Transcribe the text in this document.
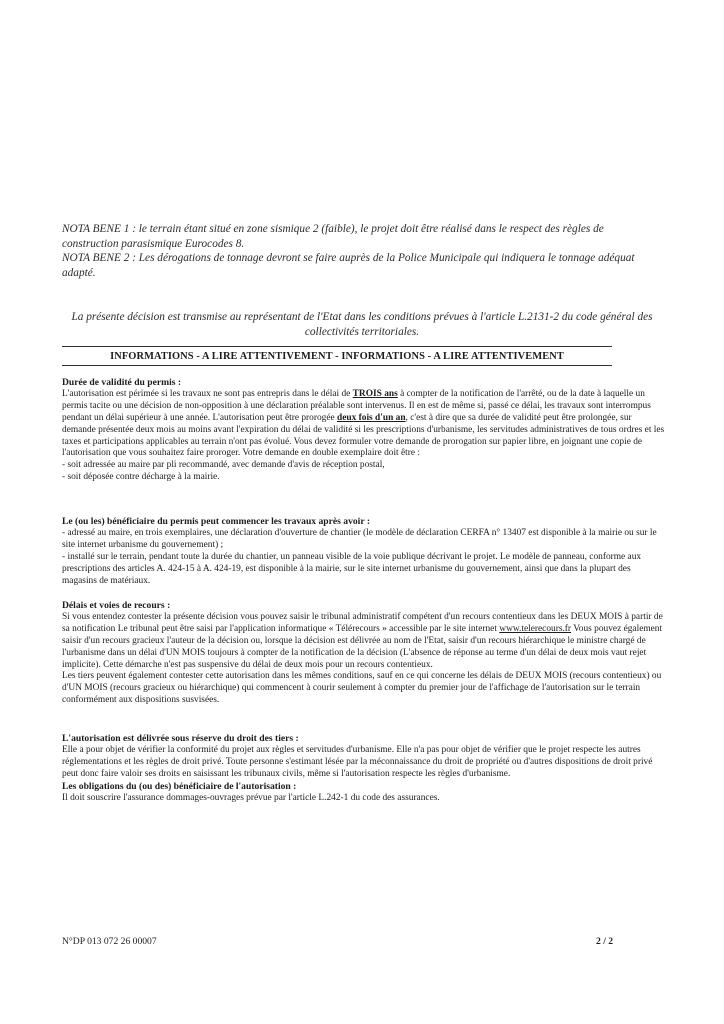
NOTA BENE 1 : le terrain étant situé en zone sismique 2 (faible), le projet doit être réalisé dans le respect des règles de construction parasismique Eurocodes 8.

NOTA BENE 2 : Les dérogations de tonnage devront se faire auprès de la Police Municipale qui indiquera le tonnage adéquat adapté.

La présente décision est transmise au représentant de l'Etat dans les conditions prévues à l'article L.2131-2 du code général des collectivités territoriales.
INFORMATIONS - A LIRE ATTENTIVEMENT - INFORMATIONS - A LIRE ATTENTIVEMENT

Durée de validité du permis :

L'autorisation est périmée si les travaux ne sont pas entrepris dans le délai de TROIS ans à compter de la notification de l'arrêté, ou de la date à laquelle un permis tacite ou une décision de non-opposition à une déclaration préalable sont intervenus. Il en est de même si, passé ce délai, les travaux sont interrompus pendant un délai supérieur à une année. L'autorisation peut être prorogée deux fois d'un an, c'est à dire que sa durée de validité peut être prolongée, sur demande présentée deux mois au moins avant l'expiration du délai de validité si les prescriptions d'urbanisme, les servitudes administratives de tous ordres et les taxes et participations applicables au terrain n'ont pas évolué. Vous devez formuler votre demande de prorogation sur papier libre, en joignant une copie de l'autorisation que vous souhaitez faire proroger. Votre demande en double exemplaire doit être :

- soit adressée au maire par pli recommandé, avec demande d'avis de réception postal,

- soit déposée contre décharge à la mairie.

Le (ou les) bénéficiaire du permis peut commencer les travaux après avoir :

- adressé au maire, en trois exemplaires, une déclaration d'ouverture de chantier (le modèle de déclaration CERFA n° 13407 est disponible à la mairie ou sur le site internet urbanisme du gouvernement) ;

- installé sur le terrain, pendant toute la durée du chantier, un panneau visible de la voie publique décrivant le projet. Le modèle de panneau, conforme aux prescriptions des articles A. 424-15 à A. 424-19, est disponible à la mairie, sur le site internet urbanisme du gouvernement, ainsi que dans la plupart des magasins de matériaux.

Délais et voies de recours :

Si vous entendez contester la présente décision vous pouvez saisir le tribunal administratif compétent d'un recours contentieux dans les DEUX MOIS à partir de sa notification Le tribunal peut être saisi par l'application informatique « Télérecours » accessible par le site internet www.telerecours.fr Vous pouvez également saisir d'un recours gracieux l'auteur de la décision ou, lorsque la décision est délivrée au nom de l'Etat, saisir d'un recours hiérarchique le ministre chargé de l'urbanisme dans un délai d'UN MOIS toujours à compter de la notification de la décision (L'absence de réponse au terme d'un délai de deux mois vaut rejet implicite). Cette démarche n'est pas suspensive du délai de deux mois pour un recours contentieux.

Les tiers peuvent également contester cette autorisation dans les mêmes conditions, sauf en ce qui concerne les délais de DEUX MOIS (recours contentieux) ou d'UN MOIS (recours gracieux ou hiérarchique) qui commencent à courir seulement à compter du premier jour de l'affichage de l'autorisation sur le terrain conformément aux dispositions susvisées.

L'autorisation est délivrée sous réserve du droit des tiers :

Elle a pour objet de vérifier la conformité du projet aux règles et servitudes d'urbanisme. Elle n'a pas pour objet de vérifier que le projet respecte les autres réglementations et les règles de droit privé. Toute personne s'estimant lésée par la méconnaissance du droit de propriété ou d'autres dispositions de droit privé peut donc faire valoir ses droits en saisissant les tribunaux civils, même si l'autorisation respecte les règles d'urbanisme.

Les obligations du (ou des) bénéficiaire de l'autorisation :

Il doit souscrire l'assurance dommages-ouvrages prévue par l'article L.242-1 du code des assurances.

N°DP 013 072 26 00007	2 / 2
